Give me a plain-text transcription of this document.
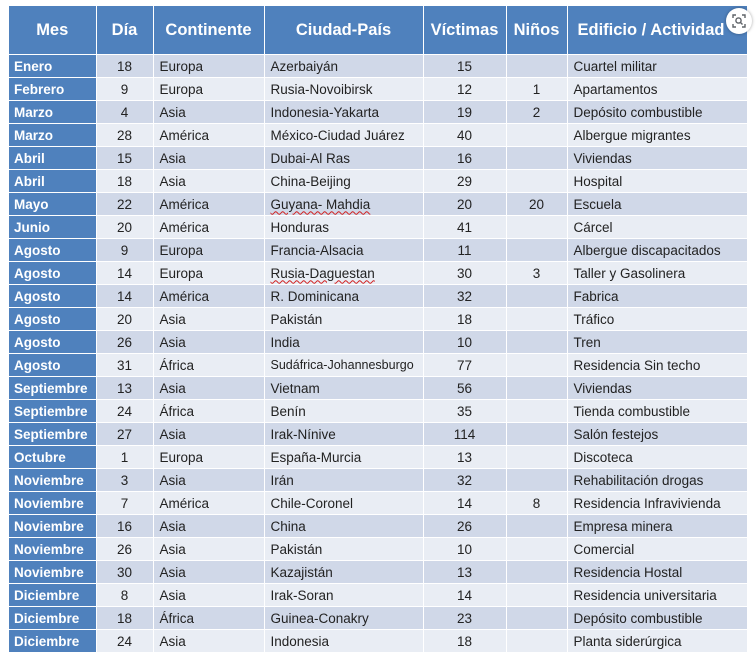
Mes	Día	Continente	Ciudad-País	Víctimas	Niños	Edificio / Actividad
Enero	18	Europa	Azerbaiyán	15		Cuartel militar
Febrero	9	Europa	Rusia-Novoibirsk	12	1	Apartamentos
Marzo	4	Asia	Indonesia-Yakarta	19	2	Depósito combustible
Marzo	28	América	México-Ciudad Juárez	40		Albergue migrantes
Abril	15	Asia	Dubai-Al Ras	16		Viviendas
Abril	18	Asia	China-Beijing	29		Hospital
Mayo	22	América	Guyana- Mahdia	20	20	Escuela
Junio	20	América	Honduras	41		Cárcel
Agosto	9	Europa	Francia-Alsacia	11		Albergue discapacitados
Agosto	14	Europa	Rusia-Daguestan	30	3	Taller y Gasolinera
Agosto	14	América	R. Dominicana	32		Fabrica
Agosto	20	Asia	Pakistán	18		Tráfico
Agosto	26	Asia	India	10		Tren
Agosto	31	África	Sudáfrica-Johannesburgo	77		Residencia Sin techo
Septiembre	13	Asia	Vietnam	56		Viviendas
Septiembre	24	África	Benín	35		Tienda combustible
Septiembre	27	Asia	Irak-Nínive	114		Salón festejos
Octubre	1	Europa	España-Murcia	13		Discoteca
Noviembre	3	Asia	Irán	32		Rehabilitación drogas
Noviembre	7	América	Chile-Coronel	14	8	Residencia Infravivienda
Noviembre	16	Asia	China	26		Empresa minera
Noviembre	26	Asia	Pakistán	10		Comercial
Noviembre	30	Asia	Kazajistán	13		Residencia Hostal
Diciembre	8	Asia	Irak-Soran	14		Residencia universitaria
Diciembre	18	África	Guinea-Conakry	23		Depósito combustible
Diciembre	24	Asia	Indonesia	18		Planta siderúrgica
